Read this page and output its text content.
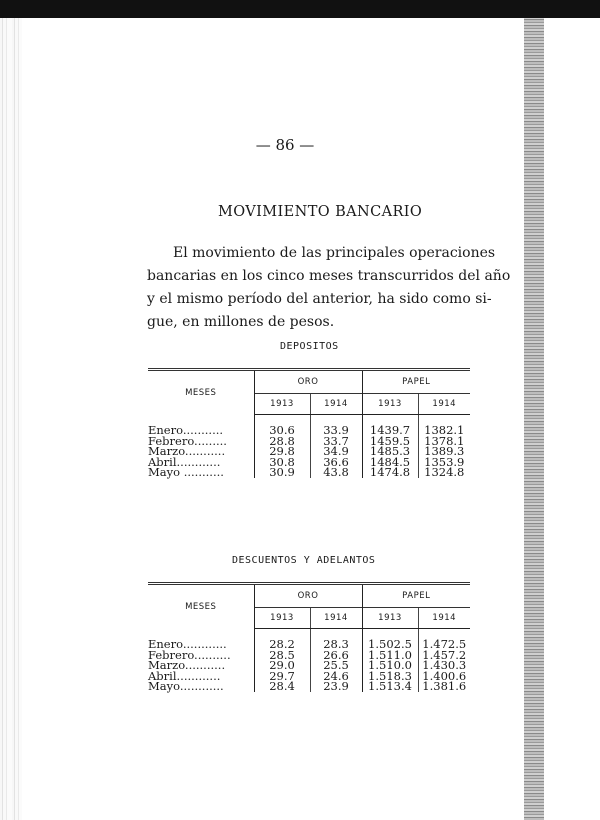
— 86 —
MOVIMIENTO BANCARIO
El movimiento de las principales operaciones
bancarias en los cinco meses transcurridos del año
y el mismo período del anterior, ha sido como si-
gue, en millones de pesos.
DEPOSITOS
MESES	ORO		PAPEL	
	1913	1914	1913	1914

Enero...........	30.6	33.9	1439.7	1382.1
Febrero.........	28.8	33.7	1459.5	1378.1
Marzo...........	29.8	34.9	1485.3	1389.3
Abril............	30.8	36.6	1484.5	1353.9
Mayo ...........	30.9	43.8	1474.8	1324.8
DESCUENTOS Y ADELANTOS
MESES	ORO		PAPEL	
	1913	1914	1913	1914

Enero............	28.2	28.3	1.502.5	1.472.5
Febrero..........	28.5	26.6	1.511.0	1.457.2
Marzo...........	29.0	25.5	1.510.0	1.430.3
Abril............	29.7	24.6	1.518.3	1.400.6
Mayo............	28.4	23.9	1.513.4	1.381.6
